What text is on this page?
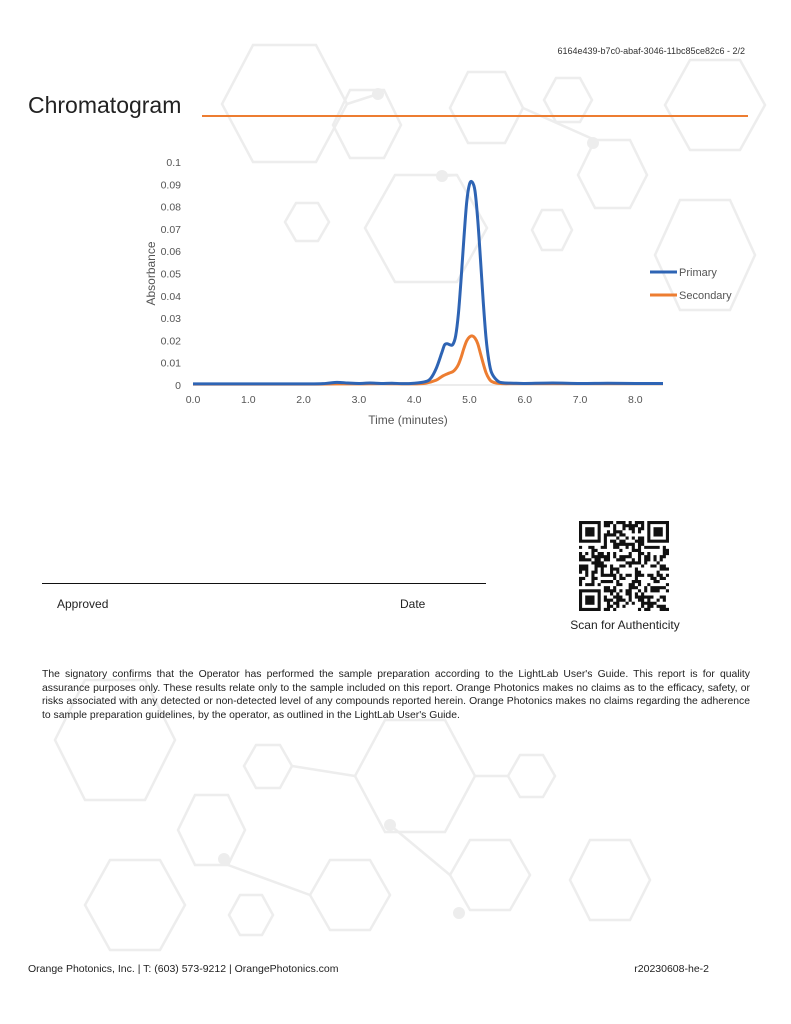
6164e439-b7c0-abaf-3046-11bc85ce82c6 - 2/2
Chromatogram
0
0.01
0.02
0.03
0.04
0.05
0.06
0.07
0.08
0.09
0.1
0.0	1.0	2.0	3.0	4.0	5.0	6.0	7.0	8.0
Absorbance
Time (minutes)
Primary
Secondary
Approved	Date
Scan for Authenticity
The signatory confirms that the Operator has performed the sample preparation according to the LightLab User's Guide. This report is for quality assurance purposes only. These results relate only to the sample included on this report. Orange Photonics makes no claims as to the efficacy, safety, or risks associated with any detected or non-detected level of any compounds reported herein. Orange Photonics makes no claims regarding the adherence to sample preparation guidelines, by the operator, as outlined in the LightLab User's Guide.
Orange Photonics, Inc. | T: (603) 573-9212 | OrangePhotonics.com	r20230608-he-2
